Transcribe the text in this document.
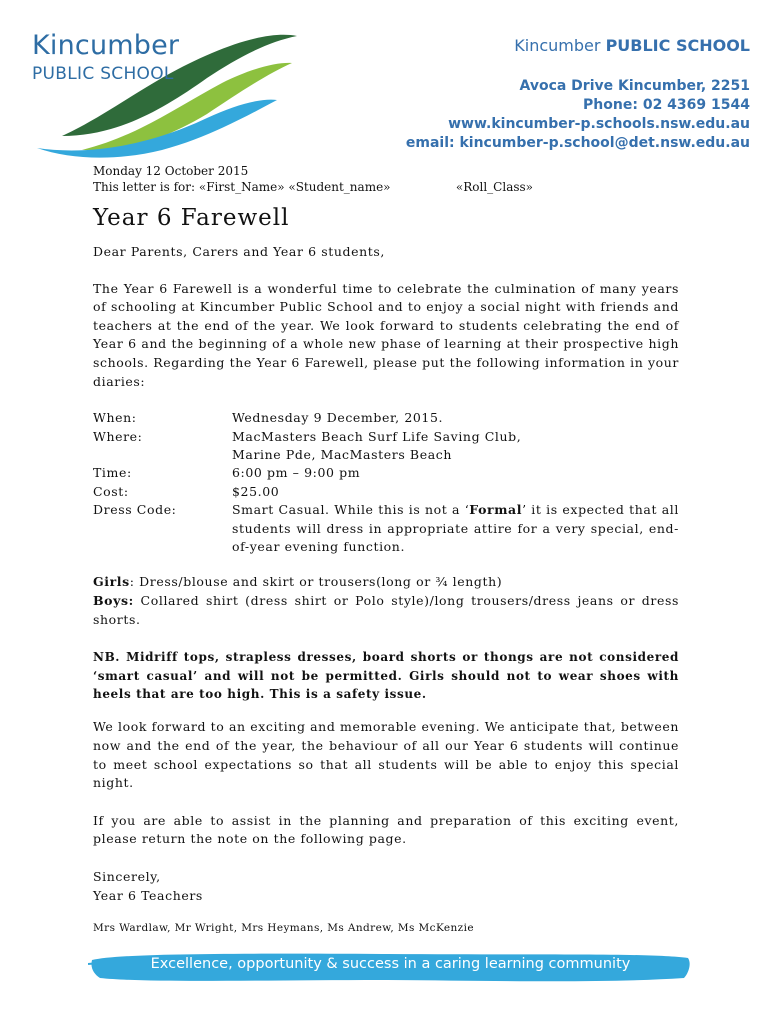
Kincumber
PUBLIC SCHOOL
Kincumber PUBLIC SCHOOL
Avoca Drive Kincumber, 2251
Phone: 02 4369 1544
www.kincumber-p.schools.nsw.edu.au
email: kincumber-p.school@det.nsw.edu.au
Monday 12 October 2015
This letter is for: «First_Name» «Student_name»	«Roll_Class»
Year 6 Farewell

Dear Parents, Carers and Year 6 students,

The Year 6 Farewell is a wonderful time to celebrate the culmination of many years of schooling at Kincumber Public School and to enjoy a social night with friends and teachers at the end of the year. We look forward to students celebrating the end of Year 6 and the beginning of a whole new phase of learning at their prospective high schools. Regarding the Year 6 Farewell, please put the following information in your diaries:

When:	Wednesday 9 December, 2015.
Where:	MacMasters Beach Surf Life Saving Club,
Marine Pde, MacMasters Beach
Time:	6:00 pm – 9:00 pm
Cost:	$25.00
Dress Code:	Smart Casual. While this is not a ‘Formal’ it is expected that all students will dress in appropriate attire for a very special, end-of-year evening function.

Girls: Dress/blouse and skirt or trousers(long or ¾ length)

Boys: Collared shirt (dress shirt or Polo style)/long trousers/dress jeans or dress shorts.

NB. Midriff tops, strapless dresses, board shorts or thongs are not considered ‘smart casual’ and will not be permitted. Girls should not to wear shoes with heels that are too high. This is a safety issue.

We look forward to an exciting and memorable evening. We anticipate that, between now and the end of the year, the behaviour of all our Year 6 students will continue to meet school expectations so that all students will be able to enjoy this special night.

If you are able to assist in the planning and preparation of this exciting event, please return the note on the following page.

Sincerely,

Year 6 Teachers

Mrs Wardlaw, Mr Wright, Mrs Heymans, Ms Andrew, Ms McKenzie
Excellence, opportunity & success in a caring learning community
